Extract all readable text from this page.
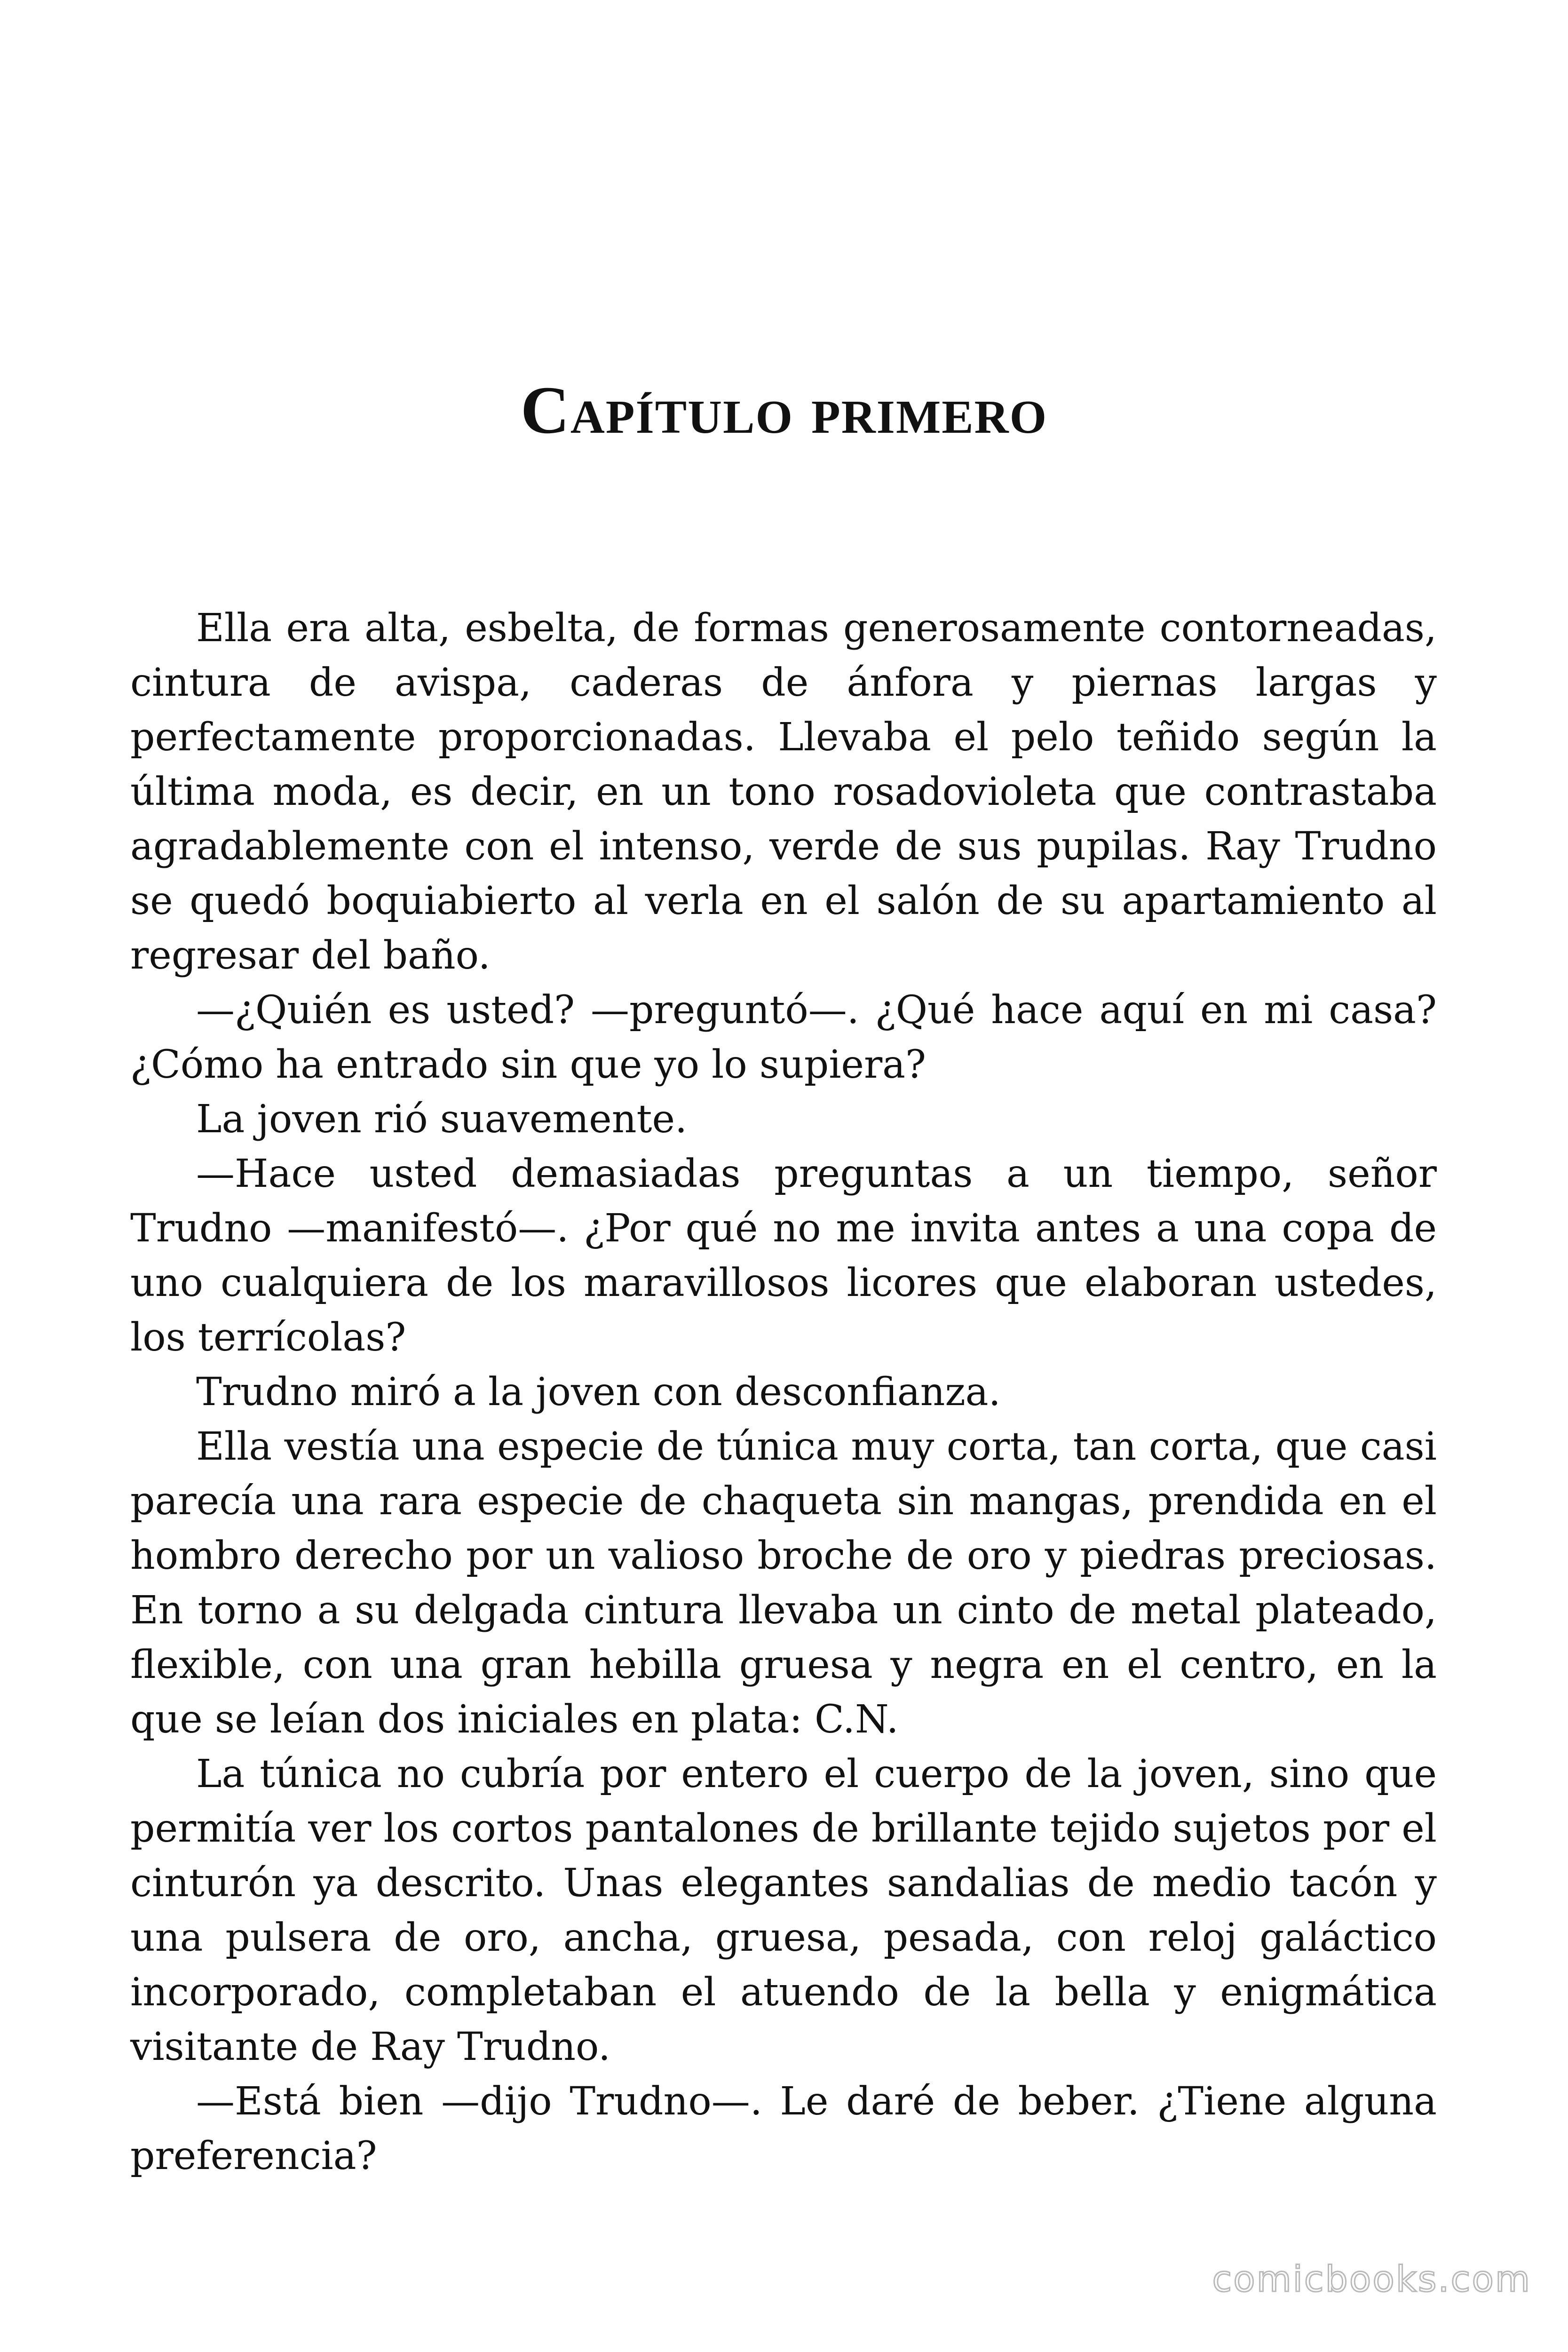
Capítulo primero

Ella era alta, esbelta, de formas generosamente contorneadas, cintura de avispa, caderas de ánfora y piernas largas y perfectamente proporcionadas. Llevaba el pelo teñido según la última moda, es decir, en un tono rosadovioleta que contrastaba agradablemente con el intenso, verde de sus pupilas. Ray Trudno se quedó boquiabierto al verla en el salón de su apartamiento al regresar del baño.

—¿Quién es usted? —preguntó—. ¿Qué hace aquí en mi casa? ¿Cómo ha entrado sin que yo lo supiera?

La joven rió suavemente.

—Hace usted demasiadas preguntas a un tiempo, señor Trudno —manifestó—. ¿Por qué no me invita antes a una copa de uno cualquiera de los maravillosos licores que elaboran ustedes, los terrícolas?

Trudno miró a la joven con desconfianza.

Ella vestía una especie de túnica muy corta, tan corta, que casi parecía una rara especie de chaqueta sin mangas, prendida en el hombro derecho por un valioso broche de oro y piedras preciosas. En torno a su delgada cintura llevaba un cinto de metal plateado, flexible, con una gran hebilla gruesa y negra en el centro, en la que se leían dos iniciales en plata: C.N.

La túnica no cubría por entero el cuerpo de la joven, sino que permitía ver los cortos pantalones de brillante tejido sujetos por el cinturón ya descrito. Unas elegantes sandalias de medio tacón y una pulsera de oro, ancha, gruesa, pesada, con reloj galáctico incorporado, completaban el atuendo de la bella y enigmática visitante de Ray Trudno.

—Está bien —dijo Trudno—. Le daré de beber. ¿Tiene alguna preferencia?

comicbooks.com
